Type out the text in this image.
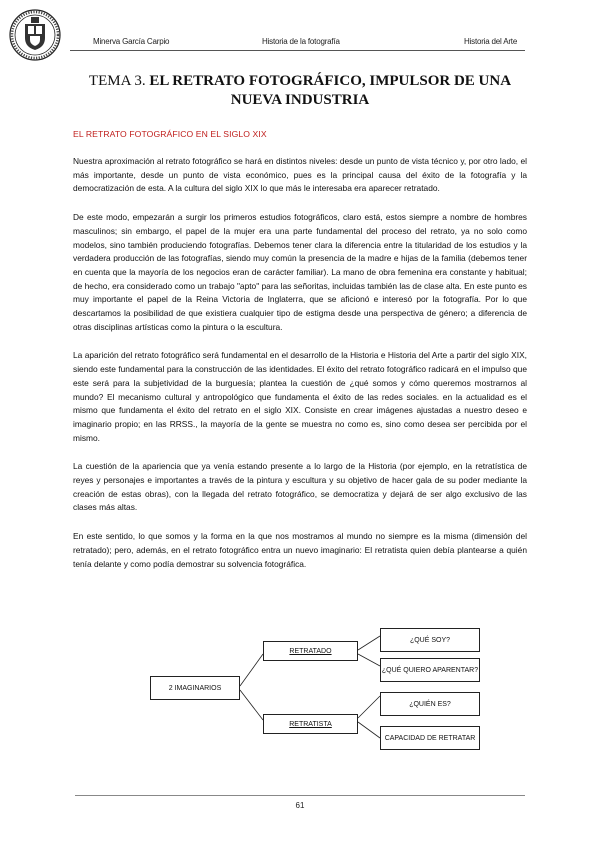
Minerva García Carpio	Historia de la fotografía	Historia del Arte
TEMA 3. EL RETRATO FOTOGRÁFICO, IMPULSOR DE UNA NUEVA INDUSTRIA
EL RETRATO FOTOGRÁFICO EN EL SIGLO XIX

Nuestra aproximación al retrato fotográfico se hará en distintos niveles: desde un punto de vista técnico y, por otro lado, el más importante, desde un punto de vista económico, pues es la principal causa del éxito de la fotografía y la democratización de esta. A la cultura del siglo XIX lo que más le interesaba era aparecer retratado.

De este modo, empezarán a surgir los primeros estudios fotográficos, claro está, estos siempre a nombre de hombres masculinos; sin embargo, el papel de la mujer era una parte fundamental del proceso del retrato, ya no solo como modelos, sino también produciendo fotografías. Debemos tener clara la diferencia entre la titularidad de los estudios y la verdadera producción de las fotografías, siendo muy común la presencia de la madre e hijas de la familia (debemos tener en cuenta que la mayoría de los negocios eran de carácter familiar). La mano de obra femenina era constante y habitual; de hecho, era considerado como un trabajo "apto" para las señoritas, incluidas también las de clase alta. En este punto es muy importante el papel de la Reina Victoria de Inglaterra, que se aficionó e interesó por la fotografía. Por lo que descartamos la posibilidad de que existiera cualquier tipo de estigma desde una perspectiva de género; a diferencia de otras disciplinas artísticas como la pintura o la escultura.

La aparición del retrato fotográfico será fundamental en el desarrollo de la Historia e Historia del Arte a partir del siglo XIX, siendo este fundamental para la construcción de las identidades. El éxito del retrato fotográfico radicará en el impulso que este será para la subjetividad de la burguesía; plantea la cuestión de ¿qué somos y cómo queremos mostrarnos al mundo? El mecanismo cultural y antropológico que fundamenta el éxito de las redes sociales. en la actualidad es el mismo que fundamenta el éxito del retrato en el siglo XIX. Consiste en crear imágenes ajustadas a nuestro deseo e imaginario propio; en las RRSS., la mayoría de la gente se muestra no como es, sino como desea ser percibida por el mismo.

La cuestión de la apariencia que ya venía estando presente a lo largo de la Historia (por ejemplo, en la retratística de reyes y personajes e importantes a través de la pintura y escultura y su objetivo de hacer gala de su poder mediante la creación de estas obras), con la llegada del retrato fotográfico, se democratiza y dejará de ser algo exclusivo de las clases más altas.

En este sentido, lo que somos y la forma en la que nos mostramos al mundo no siempre es la misma (dimensión del retratado); pero, además, en el retrato fotográfico entra un nuevo imaginario: El retratista quien debía plantearse a quién tenía delante y como podía demostrar su solvencia fotográfica.

2 IMAGINARIOS
RETRATADO
RETRATISTA
¿QUÉ SOY?
¿QUÉ QUIERO APARENTAR?
¿QUIÉN ES?
CAPACIDAD DE RETRATAR
61
